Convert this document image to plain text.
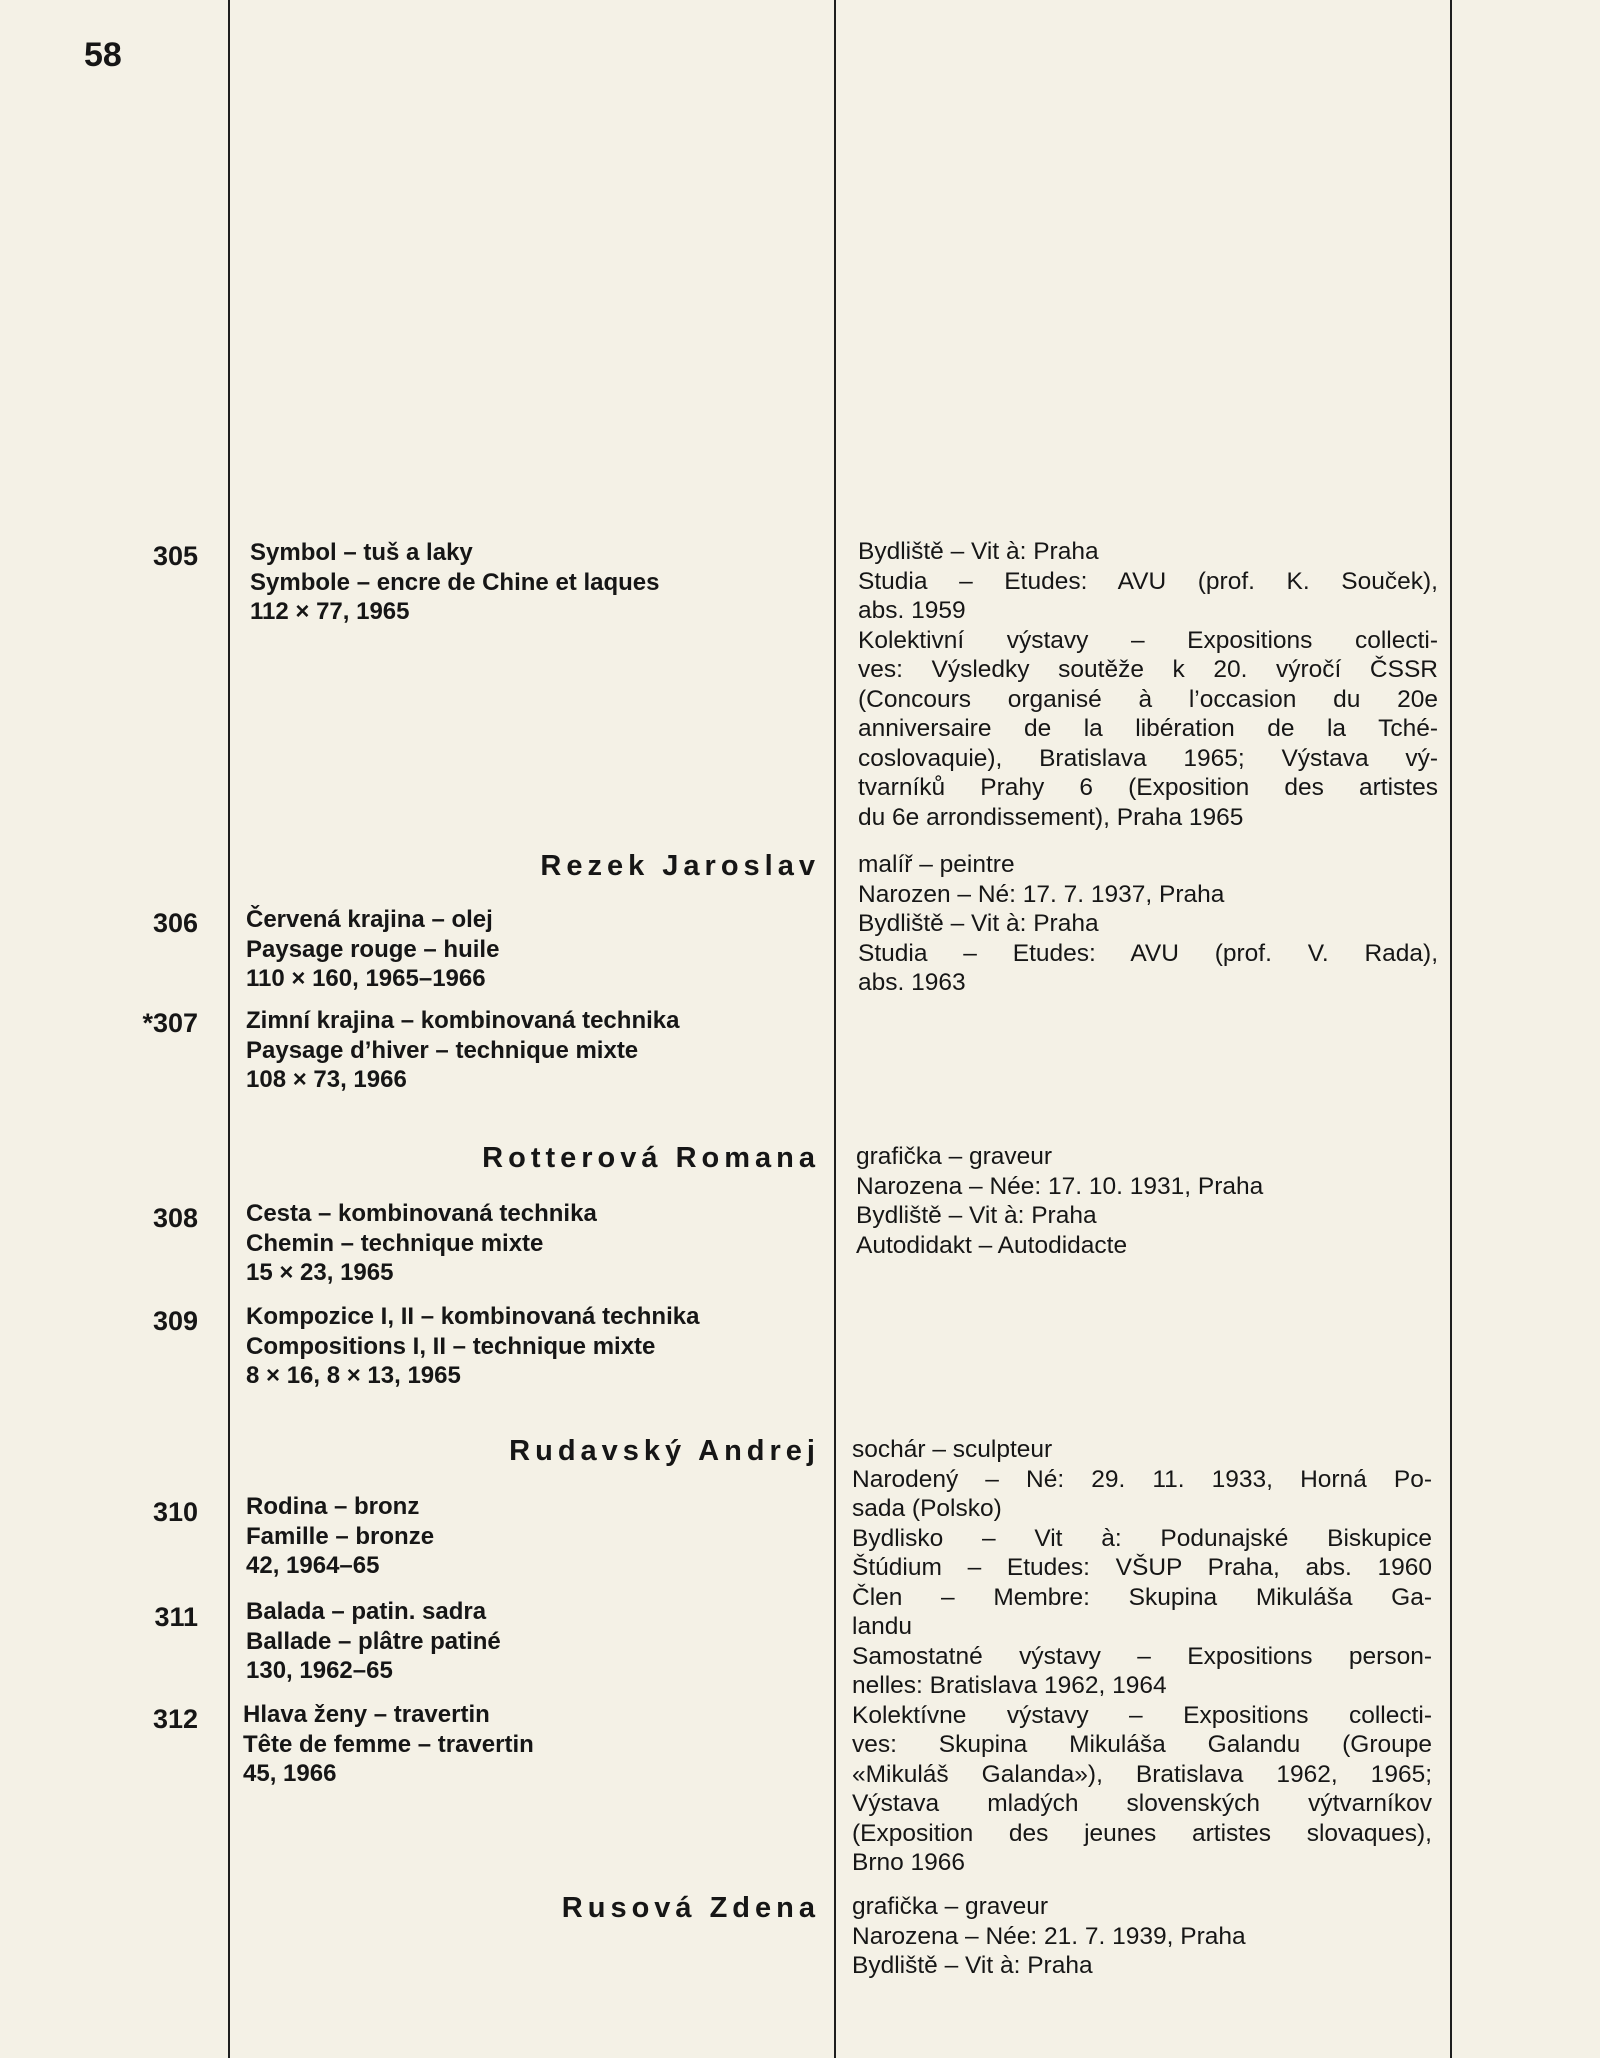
58
305 Symbol – tuš a laky
Symbole – encre de Chine et laques
112 × 77, 1965
Rezek Jaroslav
306 Červená krajina – olej
Paysage rouge – huile
110 × 160, 1965–1966
*307 Zimní krajina – kombinovaná technika
Paysage d’hiver – technique mixte
108 × 73, 1966
Rotterová Romana
308 Cesta – kombinovaná technika
Chemin – technique mixte
15 × 23, 1965
309 Kompozice I, II – kombinovaná technika
Compositions I, II – technique mixte
8 × 16, 8 × 13, 1965
Rudavský Andrej
310 Rodina – bronz
Famille – bronze
42, 1964–65
311 Balada – patin. sadra
Ballade – plâtre patiné
130, 1962–65
312 Hlava ženy – travertin
Tête de femme – travertin
45, 1966
Rusová Zdena
Bydliště – Vit à: Praha
Studia – Etudes: AVU (prof. K. Souček),
abs. 1959
Kolektivní výstavy – Expositions collecti-
ves: Výsledky soutěže k 20. výročí ČSSR
(Concours organisé à l’occasion du 20e
anniversaire de la libération de la Tché-
coslovaquie), Bratislava 1965; Výstava vý-
tvarníků Prahy 6 (Exposition des artistes
du 6e arrondissement), Praha 1965
malíř – peintre
Narozen – Né: 17. 7. 1937, Praha
Bydliště – Vit à: Praha
Studia – Etudes: AVU (prof. V. Rada),
abs. 1963
grafička – graveur
Narozena – Née: 17. 10. 1931, Praha
Bydliště – Vit à: Praha
Autodidakt – Autodidacte
sochár – sculpteur
Narodený – Né: 29. 11. 1933, Horná Po-
sada (Polsko)
Bydlisko – Vit à: Podunajské Biskupice
Štúdium – Etudes: VŠUP Praha, abs. 1960
Člen – Membre: Skupina Mikuláša Ga-
landu
Samostatné výstavy – Expositions person-
nelles: Bratislava 1962, 1964
Kolektívne výstavy – Expositions collecti-
ves: Skupina Mikuláša Galandu (Groupe
«Mikuláš Galanda»), Bratislava 1962, 1965;
Výstava mladých slovenských výtvarníkov
(Exposition des jeunes artistes slovaques),
Brno 1966
grafička – graveur
Narozena – Née: 21. 7. 1939, Praha
Bydliště – Vit à: Praha
